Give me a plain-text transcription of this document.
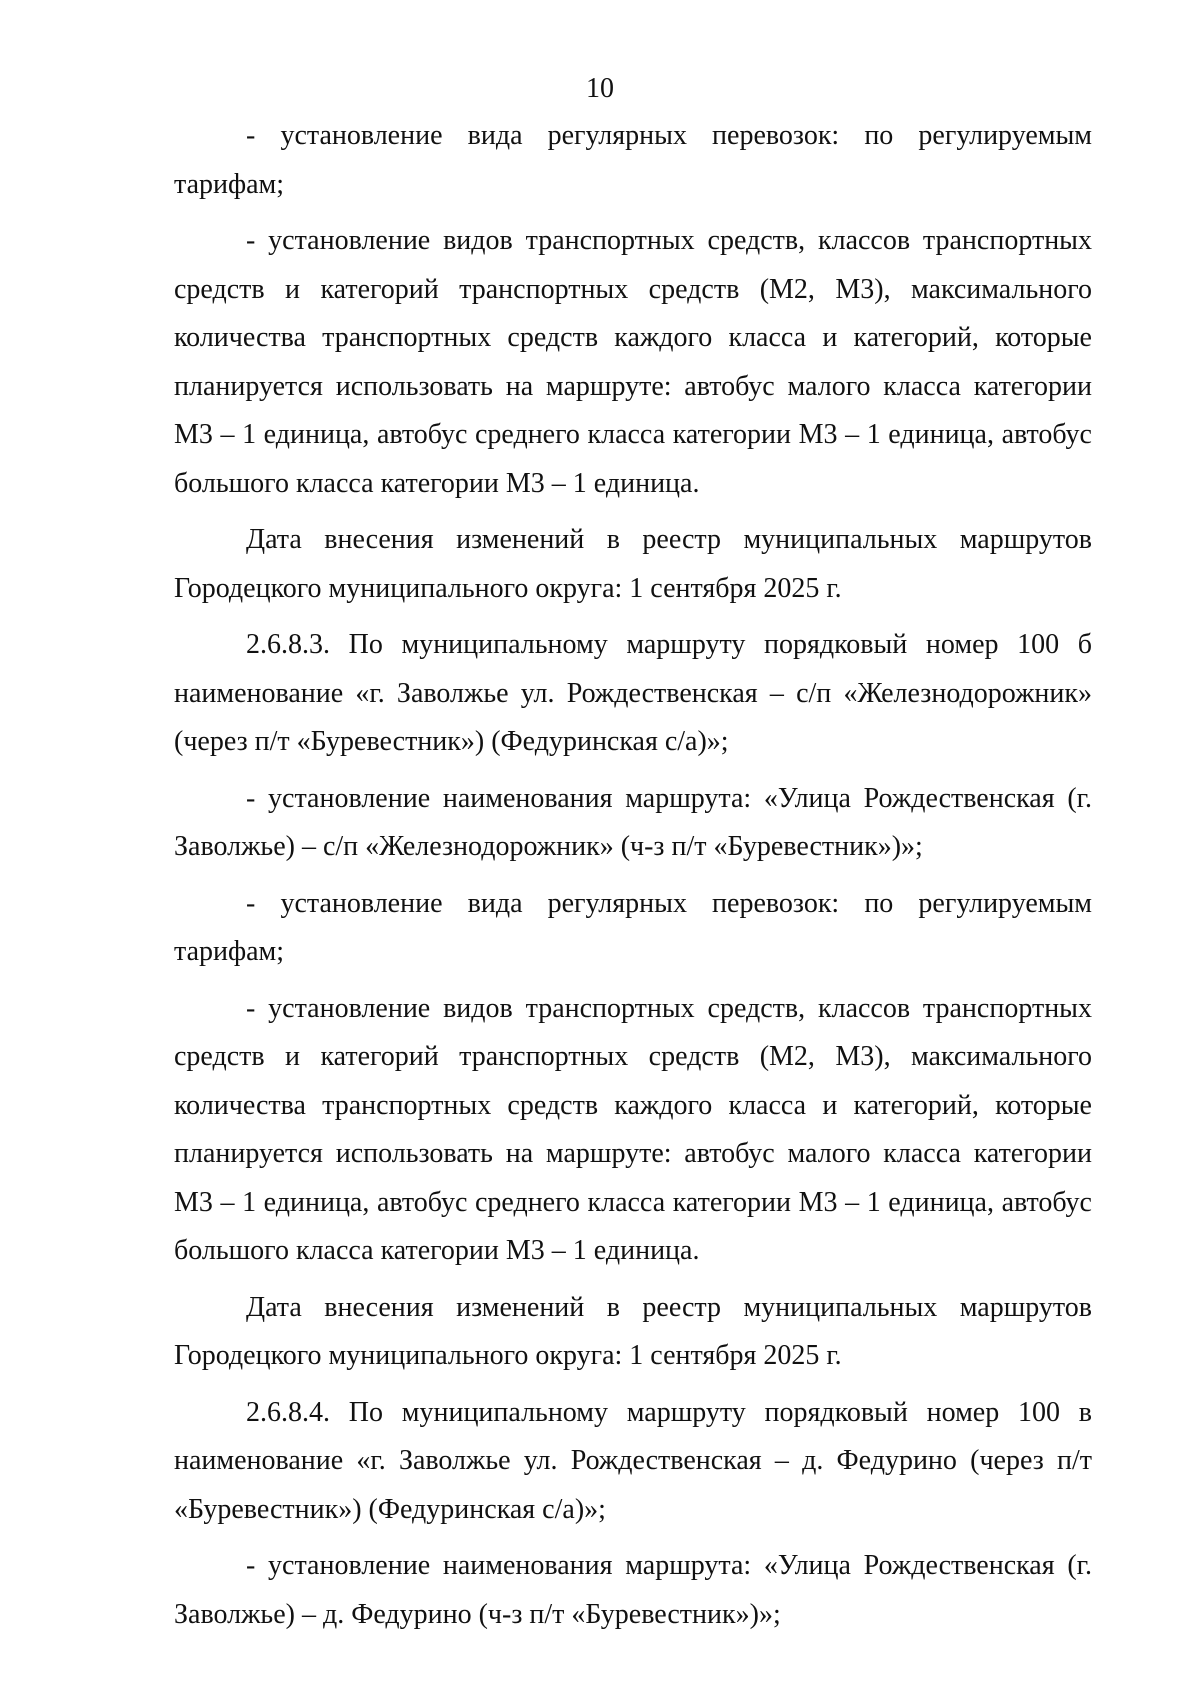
10

- установление вида регулярных перевозок: по регулируемым тарифам;

- установление видов транспортных средств, классов транспортных средств и категорий транспортных средств (М2, М3), максимального количества транспортных средств каждого класса и категорий, которые планируется использовать на маршруте: автобус малого класса категории М3 – 1 единица, автобус среднего класса категории М3 – 1 единица, автобус большого класса категории М3 – 1 единица.

Дата внесения изменений в реестр муниципальных маршрутов Городецкого муниципального округа: 1 сентября 2025 г.

2.6.8.3. По муниципальному маршруту порядковый номер 100 б наименование «г. Заволжье ул. Рождественская – с/п «Железнодорожник» (через п/т «Буревестник») (Федуринская с/а)»;

- установление наименования маршрута: «Улица Рождественская (г. Заволжье) – с/п «Железнодорожник» (ч-з п/т «Буревестник»)»;

- установление вида регулярных перевозок: по регулируемым тарифам;

- установление видов транспортных средств, классов транспортных средств и категорий транспортных средств (М2, М3), максимального количества транспортных средств каждого класса и категорий, которые планируется использовать на маршруте: автобус малого класса категории М3 – 1 единица, автобус среднего класса категории М3 – 1 единица, автобус большого класса категории М3 – 1 единица.

Дата внесения изменений в реестр муниципальных маршрутов Городецкого муниципального округа: 1 сентября 2025 г.

2.6.8.4. По муниципальному маршруту порядковый номер 100 в наименование «г. Заволжье ул. Рождественская – д. Федурино (через п/т «Буревестник») (Федуринская с/а)»;

- установление наименования маршрута: «Улица Рождественская (г. Заволжье) – д. Федурино (ч-з п/т «Буревестник»)»;
